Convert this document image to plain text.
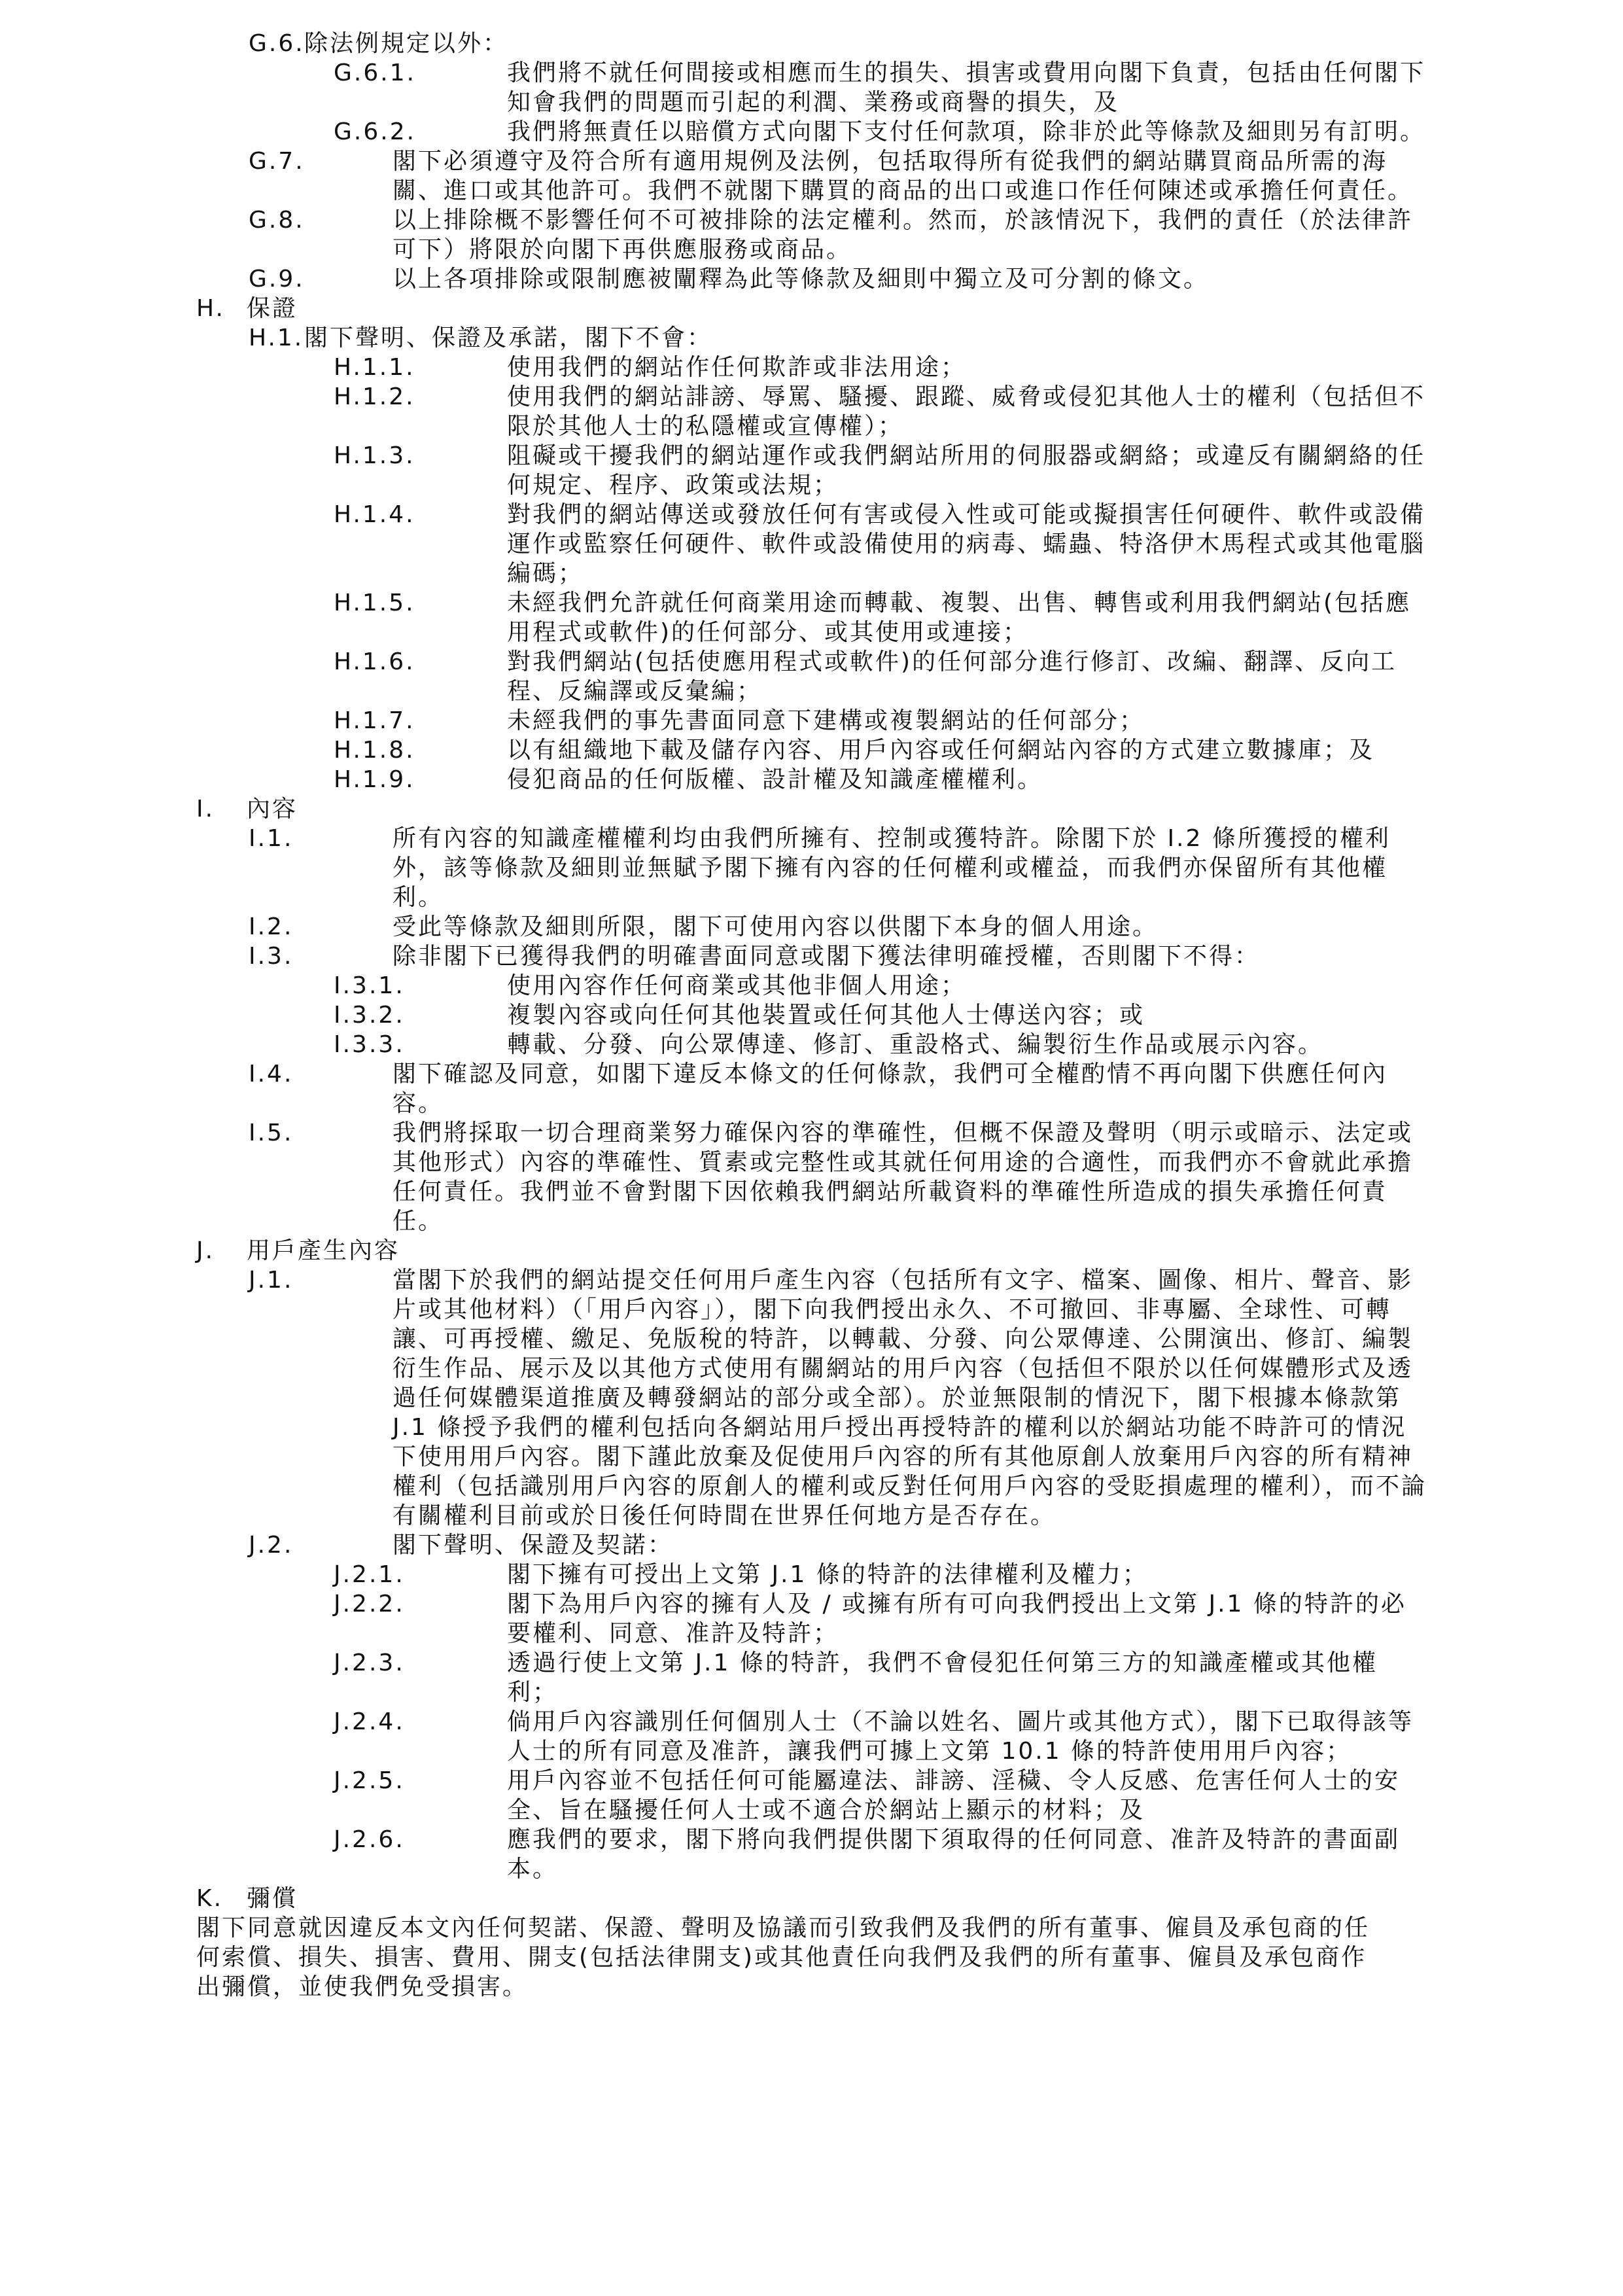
G.6. 除法例規定以外：
G.6.1.	我們將不就任何間接或相應而生的損失、損害或費用向閣下負責，包括由任何閣下知會我們的問題而引起的利潤、業務或商譽的損失，及
G.6.2.	我們將無責任以賠償方式向閣下支付任何款項，除非於此等條款及細則另有訂明。
G.7.	閣下必須遵守及符合所有適用規例及法例，包括取得所有從我們的網站購買商品所需的海關、進口或其他許可。我們不就閣下購買的商品的出口或進口作任何陳述或承擔任何責任。
G.8.	以上排除概不影響任何不可被排除的法定權利。然而，於該情況下，我們的責任（於法律許可下）將限於向閣下再供應服務或商品。
G.9.	以上各項排除或限制應被闡釋為此等條款及細則中獨立及可分割的條文。
H. 保證
H.1. 閣下聲明、保證及承諾，閣下不會：
H.1.1.	使用我們的網站作任何欺詐或非法用途；
H.1.2.	使用我們的網站誹謗、辱罵、騷擾、跟蹤、威脅或侵犯其他人士的權利（包括但不限於其他人士的私隱權或宣傳權）；
H.1.3.	阻礙或干擾我們的網站運作或我們網站所用的伺服器或網絡；或違反有關網絡的任何規定、程序、政策或法規；
H.1.4.	對我們的網站傳送或發放任何有害或侵入性或可能或擬損害任何硬件、軟件或設備運作或監察任何硬件、軟件或設備使用的病毒、蠕蟲、特洛伊木馬程式或其他電腦編碼；
H.1.5.	未經我們允許就任何商業用途而轉載、複製、出售、轉售或利用我們網站(包括應用程式或軟件)的任何部分、或其使用或連接；
H.1.6.	對我們網站(包括使應用程式或軟件)的任何部分進行修訂、改編、翻譯、反向工程、反編譯或反彙編；
H.1.7.	未經我們的事先書面同意下建構或複製網站的任何部分；
H.1.8.	以有組織地下載及儲存內容、用戶內容或任何網站內容的方式建立數據庫；及
H.1.9.	侵犯商品的任何版權、設計權及知識產權權利。
I. 內容
I.1.	所有內容的知識產權權利均由我們所擁有、控制或獲特許。除閣下於 I.2 條所獲授的權利外，該等條款及細則並無賦予閣下擁有內容的任何權利或權益，而我們亦保留所有其他權利。
I.2.	受此等條款及細則所限，閣下可使用內容以供閣下本身的個人用途。
I.3.	除非閣下已獲得我們的明確書面同意或閣下獲法律明確授權，否則閣下不得：
I.3.1.	使用內容作任何商業或其他非個人用途；
I.3.2.	複製內容或向任何其他裝置或任何其他人士傳送內容；或
I.3.3.	轉載、分發、向公眾傳達、修訂、重設格式、編製衍生作品或展示內容。
I.4.	閣下確認及同意，如閣下違反本條文的任何條款，我們可全權酌情不再向閣下供應任何內容。
I.5.	我們將採取一切合理商業努力確保內容的準確性，但概不保證及聲明（明示或暗示、法定或其他形式）內容的準確性、質素或完整性或其就任何用途的合適性，而我們亦不會就此承擔任何責任。我們並不會對閣下因依賴我們網站所載資料的準確性所造成的損失承擔任何責任。
J. 用戶產生內容
J.1.	當閣下於我們的網站提交任何用戶產生內容（包括所有文字、檔案、圖像、相片、聲音、影片或其他材料）（「用戶內容」），閣下向我們授出永久、不可撤回、非專屬、全球性、可轉讓、可再授權、繳足、免版稅的特許，以轉載、分發、向公眾傳達、公開演出、修訂、編製衍生作品、展示及以其他方式使用有關網站的用戶內容（包括但不限於以任何媒體形式及透過任何媒體渠道推廣及轉發網站的部分或全部）。於並無限制的情況下，閣下根據本條款第 J.1 條授予我們的權利包括向各網站用戶授出再授特許的權利以於網站功能不時許可的情況下使用用戶內容。閣下謹此放棄及促使用戶內容的所有其他原創人放棄用戶內容的所有精神權利（包括識別用戶內容的原創人的權利或反對任何用戶內容的受貶損處理的權利），而不論有關權利目前或於日後任何時間在世界任何地方是否存在。
J.2.	閣下聲明、保證及契諾：
J.2.1.	閣下擁有可授出上文第 J.1 條的特許的法律權利及權力；
J.2.2.	閣下為用戶內容的擁有人及 / 或擁有所有可向我們授出上文第 J.1 條的特許的必要權利、同意、准許及特許；
J.2.3.	透過行使上文第 J.1 條的特許，我們不會侵犯任何第三方的知識產權或其他權利；
J.2.4.	倘用戶內容識別任何個別人士（不論以姓名、圖片或其他方式），閣下已取得該等人士的所有同意及准許，讓我們可據上文第 10.1 條的特許使用用戶內容；
J.2.5.	用戶內容並不包括任何可能屬違法、誹謗、淫穢、令人反感、危害任何人士的安全、旨在騷擾任何人士或不適合於網站上顯示的材料；及
J.2.6.	應我們的要求，閣下將向我們提供閣下須取得的任何同意、准許及特許的書面副本。
K. 彌償
閣下同意就因違反本文內任何契諾、保證、聲明及協議而引致我們及我們的所有董事、僱員及承包商的任何索償、損失、損害、費用、開支(包括法律開支)或其他責任向我們及我們的所有董事、僱員及承包商作出彌償，並使我們免受損害。
